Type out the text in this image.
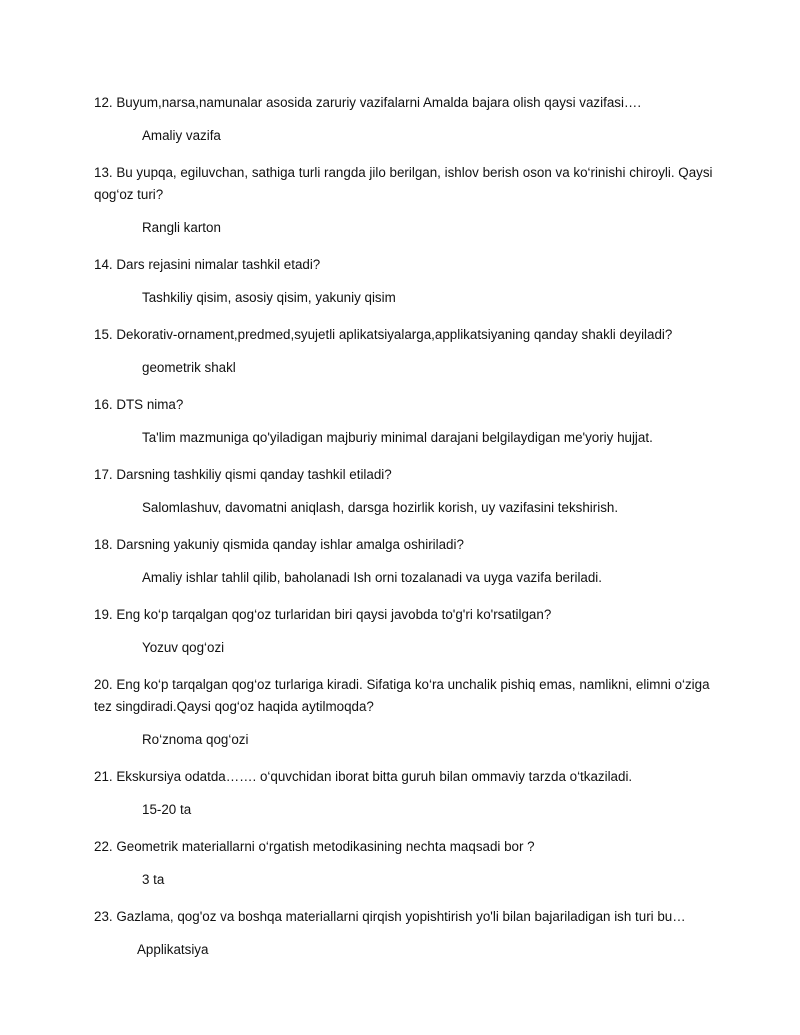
12. Buyum,narsa,namunalar asosida zaruriy vazifalarni Amalda bajara olish qaysi vazifasi….

Amaliy vazifa

13. Bu yupqa, egiluvchan, sathiga turli rangda jilo berilgan, ishlov berish oson va ko‘rinishi chiroyli. Qaysi qog‘oz turi?

Rangli karton

14. Dars rejasini nimalar tashkil etadi?

Tashkiliy qisim, asosiy qisim, yakuniy qisim

15. Dekorativ-ornament,predmed,syujetli aplikatsiyalarga,applikatsiyaning qanday shakli deyiladi?

geometrik shakl

16. DTS nima?

Ta'lim mazmuniga qo'yiladigan majburiy minimal darajani belgilaydigan me'yoriy hujjat.

17. Darsning tashkiliy qismi qanday tashkil etiladi?

Salomlashuv, davomatni aniqlash, darsga hozirlik korish, uy vazifasini tekshirish.

18. Darsning yakuniy qismida qanday ishlar amalga oshiriladi?

Amaliy ishlar tahlil qilib, baholanadi Ish orni tozalanadi va uyga vazifa beriladi.

19. Eng ko‘p tarqalgan qog‘oz turlaridan biri qaysi javobda to'g'ri ko'rsatilgan?

Yozuv qog‘ozi

20. Eng ko‘p tarqalgan qog‘oz turlariga kiradi. Sifatiga ko‘ra unchalik pishiq emas, namlikni, elimni o‘ziga tez singdiradi.Qaysi qog‘oz haqida aytilmoqda?

Ro‘znoma qog‘ozi

21. Ekskursiya odatda……. o‘quvchidan iborat bitta guruh bilan ommaviy tarzda o‘tkaziladi.

15-20 ta

22. Geometrik materiallarni o‘rgatish metodikasining nechta maqsadi bor ?

3 ta

23. Gazlama, qog'oz va boshqa materiallarni qirqish yopishtirish yo'li bilan bajariladigan ish turi bu…

Applikatsiya
